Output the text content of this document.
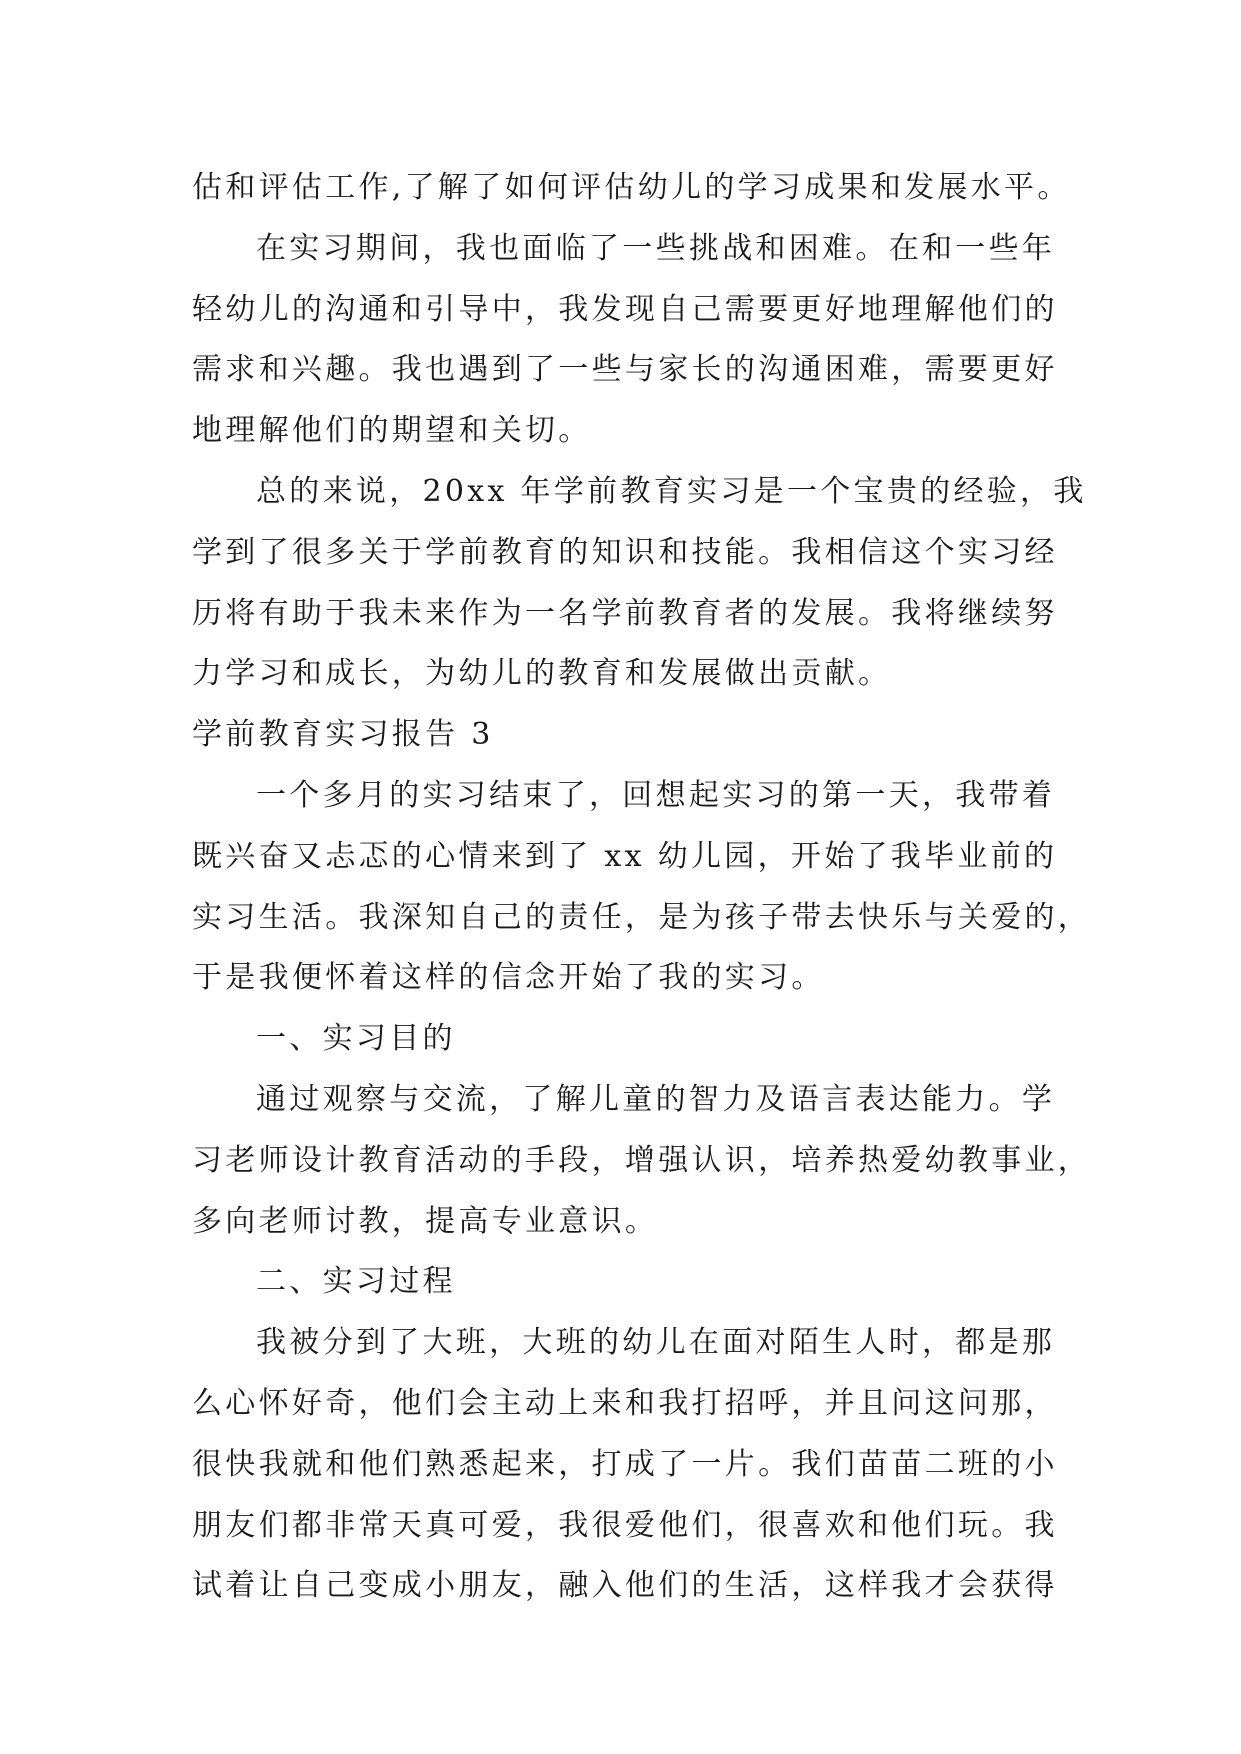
估和评估工作,了解了如何评估幼儿的学习成果和发展水平。
在实习期间，我也面临了一些挑战和困难。在和一些年
轻幼儿的沟通和引导中，我发现自己需要更好地理解他们的
需求和兴趣。我也遇到了一些与家长的沟通困难，需要更好
地理解他们的期望和关切。
总的来说，20xx 年学前教育实习是一个宝贵的经验，我
学到了很多关于学前教育的知识和技能。我相信这个实习经
历将有助于我未来作为一名学前教育者的发展。我将继续努
力学习和成长，为幼儿的教育和发展做出贡献。
学前教育实习报告 3
一个多月的实习结束了，回想起实习的第一天，我带着
既兴奋又忐忑的心情来到了 xx 幼儿园，开始了我毕业前的
实习生活。我深知自己的责任，是为孩子带去快乐与关爱的，
于是我便怀着这样的信念开始了我的实习。
一、实习目的
通过观察与交流，了解儿童的智力及语言表达能力。学
习老师设计教育活动的手段，增强认识，培养热爱幼教事业，
多向老师讨教，提高专业意识。
二、实习过程
我被分到了大班，大班的幼儿在面对陌生人时，都是那
么心怀好奇，他们会主动上来和我打招呼，并且问这问那，
很快我就和他们熟悉起来，打成了一片。我们苗苗二班的小
朋友们都非常天真可爱，我很爱他们，很喜欢和他们玩。我
试着让自己变成小朋友，融入他们的生活，这样我才会获得
